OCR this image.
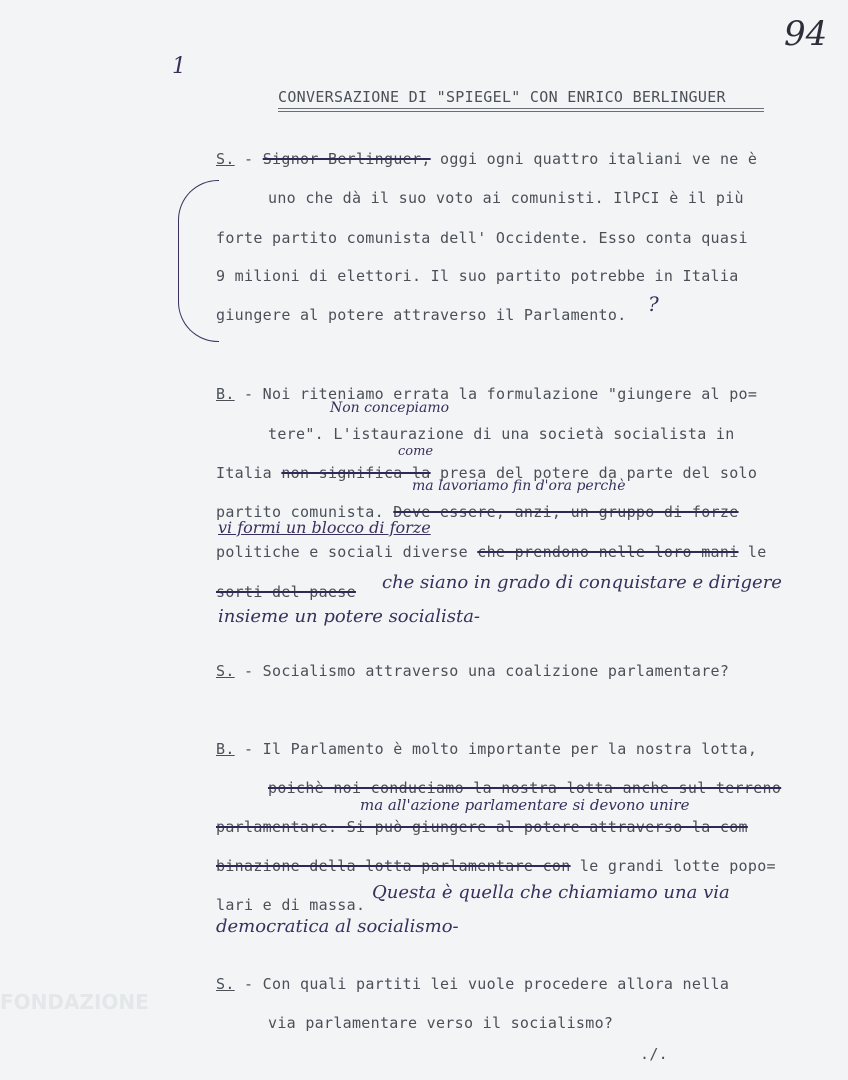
94
1
CONVERSAZIONE DI "SPIEGEL" CON ENRICO BERLINGUER
S. - Signor Berlinguer, oggi ogni quattro italiani ve ne è
uno che dà il suo voto ai comunisti. IlPCI è il più
forte partito comunista dell' Occidente. Esso conta quasi
9 milioni di elettori. Il suo partito potrebbe in Italia
giungere al potere attraverso il Parlamento. ?
B. - Noi riteniamo errata la formulazione "giungere al po=
Non concepiamo
tere". L'istaurazione di una società socialista in
come
Italia non significa la presa del potere da parte del solo
ma lavoriamo fin d'ora perchè
partito comunista. Deve essere, anzi, un gruppo di forze
vi formi un blocco di forze
politiche e sociali diverse che prendono nelle loro mani le
sorti del paese che siano in grado di conquistare e dirigere
insieme un potere socialista-
S. - Socialismo attraverso una coalizione parlamentare?
B. - Il Parlamento è molto importante per la nostra lotta,
poichè noi conduciamo la nostra lotta anche sul terreno
ma all'azione parlamentare si devono unire
parlamentare. Si può giungere al potere attraverso la com
binazione della lotta parlamentare con le grandi lotte popo=
lari e di massa.
Questa è quella che chiamiamo una via
democratica al socialismo-
S. - Con quali partiti lei vuole procedere allora nella
via parlamentare verso il socialismo?
./.
FONDAZIONE
